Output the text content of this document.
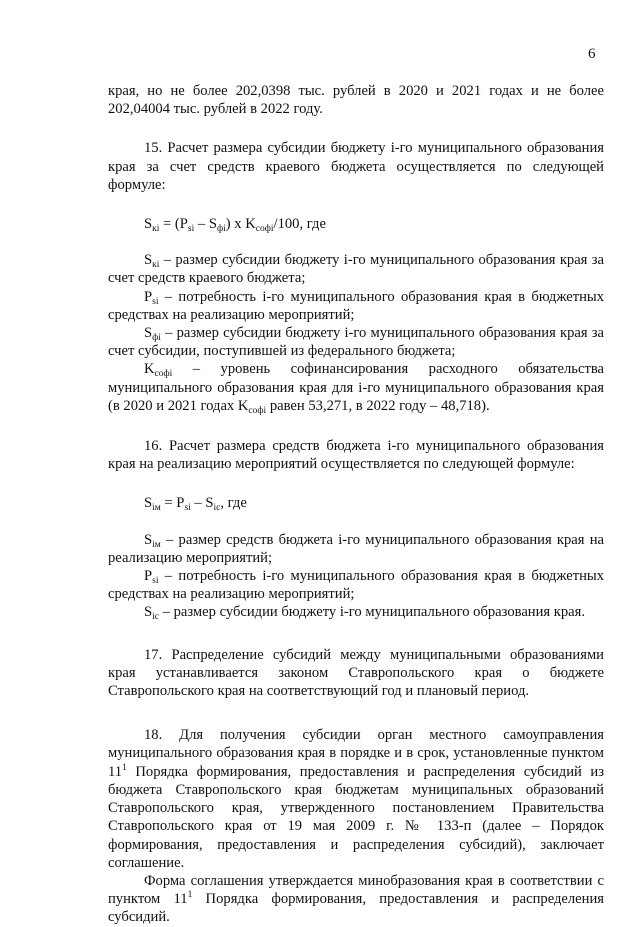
6

края, но не более 202,0398 тыс. рублей в 2020 и 2021 годах и не более 202,04004 тыс. рублей в 2022 году.

15. Расчет размера субсидии бюджету i-го муниципального образования края за счет средств краевого бюджета осуществляется по следующей формуле:

$S_{кi} = (P_{si} - S_{фi})$ x $K_{софi}/100$, где

$S_{кi}$ – размер субсидии бюджету i-го муниципального образования края за счет средств краевого бюджета;

$P_{si}$ – потребность i-го муниципального образования края в бюджетных средствах на реализацию мероприятий;

$S_{фi}$ – размер субсидии бюджету i-го муниципального образования края за счет субсидии, поступившей из федерального бюджета;

$K_{софi}$ – уровень софинансирования расходного обязательства муниципального образования края для i-го муниципального образования края (в 2020 и 2021 годах $K_{софi}$ равен 53,271, в 2022 году – 48,718).

16. Расчет размера средств бюджета i-го муниципального образования края на реализацию мероприятий осуществляется по следующей формуле:

$S_{iм} = P_{si} - S_{ic}$, где

$S_{iм}$ – размер средств бюджета i-го муниципального образования края на реализацию мероприятий;

$P_{si}$ – потребность i-го муниципального образования края в бюджетных средствах на реализацию мероприятий;

$S_{ic}$ – размер субсидии бюджету i-го муниципального образования края.

17. Распределение субсидий между муниципальными образованиями края устанавливается законом Ставропольского края о бюджете Ставропольского края на соответствующий год и плановый период.

18. Для получения субсидии орган местного самоуправления муниципального образования края в порядке и в срок, установленные пунктом $11^1$ Порядка формирования, предоставления и распределения субсидий из бюджета Ставропольского края бюджетам муниципальных образований Ставропольского края, утвержденного постановлением Правительства Ставропольского края от 19 мая 2009 г. № 133-п (далее – Порядок формирования, предоставления и распределения субсидий), заключает соглашение.

Форма соглашения утверждается минобразования края в соответствии с пунктом $11^1$ Порядка формирования, предоставления и распределения субсидий.
